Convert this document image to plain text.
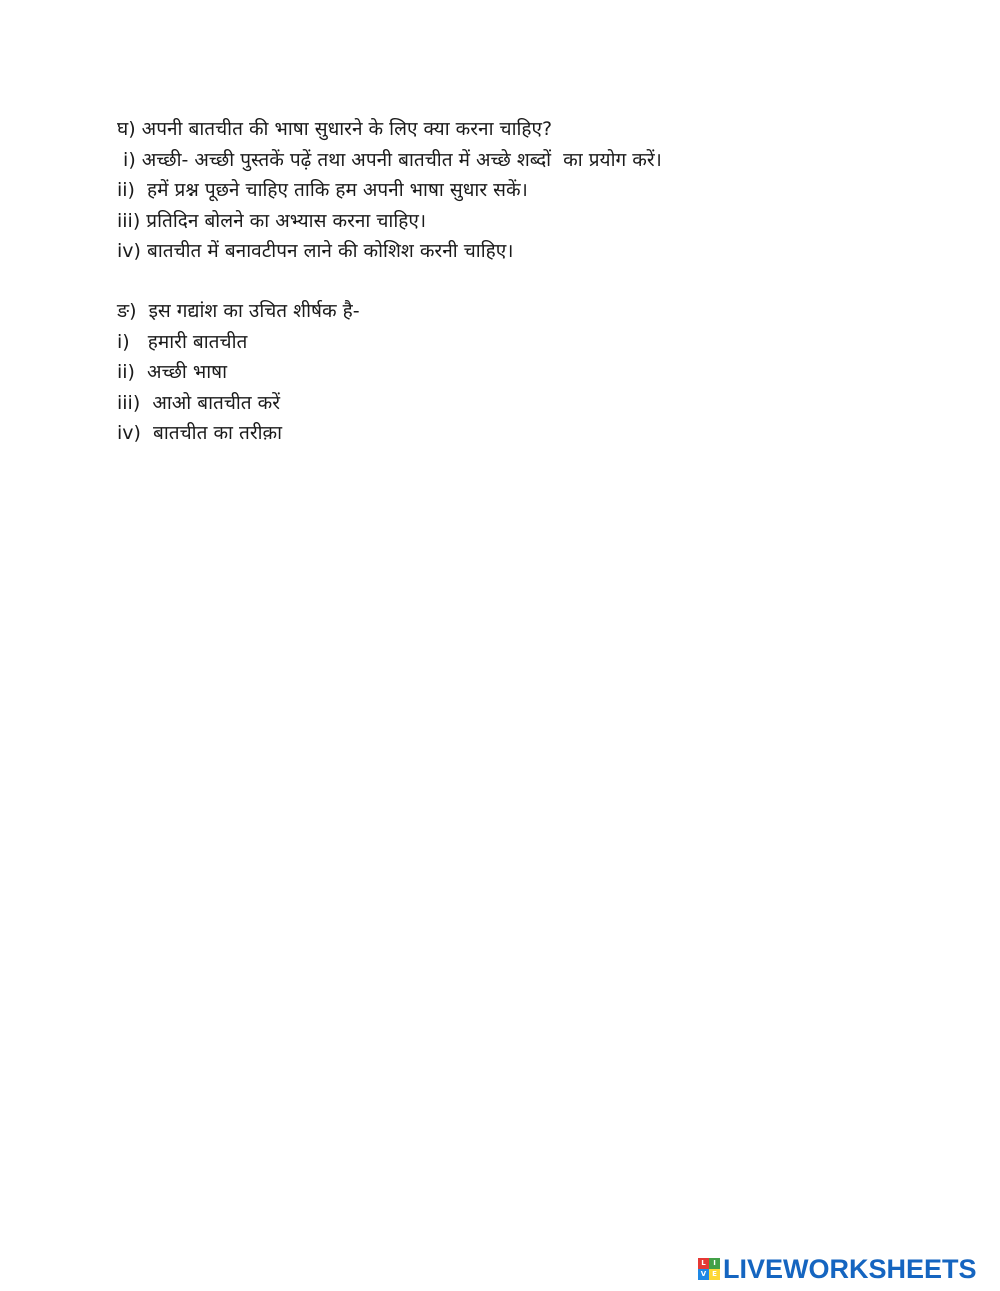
घ) अपनी बातचीत की भाषा सुधारने के लिए क्या करना चाहिए?
i) अच्छी- अच्छी पुस्तकें पढ़ें तथा अपनी बातचीत में अच्छे शब्दों  का प्रयोग करें।
ii)  हमें प्रश्न पूछने चाहिए ताकि हम अपनी भाषा सुधार सकें।
iii) प्रतिदिन बोलने का अभ्यास करना चाहिए।
iv) बातचीत में बनावटीपन लाने की कोशिश करनी चाहिए।
ङ)  इस गद्यांश का उचित शीर्षक है-
i)   हमारी बातचीत
ii)  अच्छी भाषा
iii)  आओ बातचीत करें
iv)  बातचीत का तरीक़ा
L	I
V E LIVEWORKSHEETS
